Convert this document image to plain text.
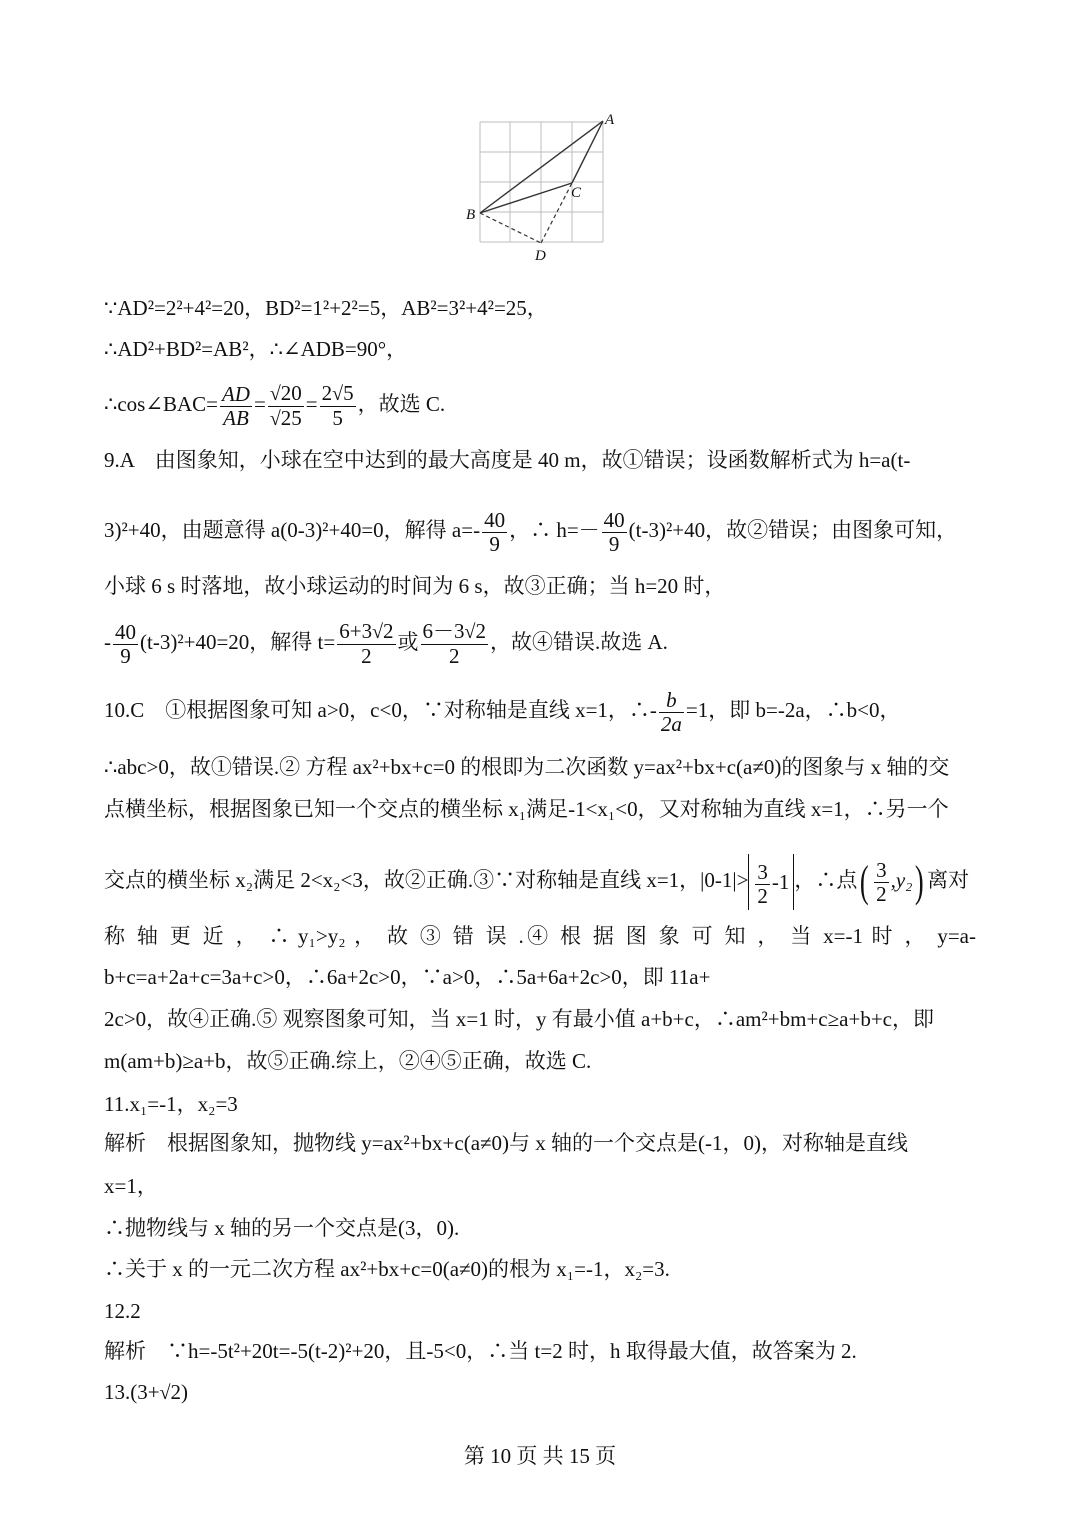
A
B
C
D
∵AD²=2²+4²=20，BD²=1²+2²=5，AB²=3²+4²=25，
∴AD²+BD²=AB²，∴∠ADB=90°，
∴cos∠BAC= $\frac{AD}{AB}$ = √ 20
√ $25 = \frac{2 √ 5}{5}$ ，故选 C.
9.A　由图象知，小球在空中达到的最大高度是 40 m，故①错误；设函数解析式为 h=a(t-
3)²+40，由题意得 a(0-3)²+40=0，解得 $a=- \frac{40}{9}$ ，∴ $h=- \frac{40}{9} (t-3)^2+40$，故②错误；由图象可知，
小球 6 s 时落地，故小球运动的时间为 6 s，故③正确；当 h=20 时，
- $\frac{40}{9} (t-3)^2+40=20$，解得 $t= \frac{6+3 √ 2}{2}$ 或 $\frac{6-3 √ 2}{2}$ ，故④错误.故选 A.
10.C　①根据图象可知 a>0，c<0，∵对称轴是直线 x=1，∴- $\frac{b}{2a} =1$，即 b=-2a，∴b<0，
∴abc>0，故①错误.② 方程 ax²+bx+c=0 的根即为二次函数 y=ax²+bx+c(a≠0)的图象与 x 轴的交
点横坐标，根据图象已知一个交点的横坐标 x₁满足-1<x₁<0，又对称轴为直线 x=1，∴另一个
交点的横坐标 x₂满足 2<x₂<3，故②正确.③∵对称轴是直线 x=1，$|0-1|> \frac{3}{2} -1$ ，∴点( $\frac{3}{2} ,y_2$) 离对
称 轴 更 近 ， ∴ y₁>y₂ ， 故 ③ 错 误 .④ 根 据 图 象 可 知 ， 当 x=-1 时 ， y=a-
b+c=a+2a+c=3a+c>0，∴6a+2c>0，∵a>0，∴5a+6a+2c>0，即 11a+
2c>0，故④正确.⑤ 观察图象可知，当 x=1 时，y 有最小值 a+b+c，∴am²+bm+c≥a+b+c，即
m(am+b)≥a+b，故⑤正确.综上，②④⑤正确，故选 C.
11.x₁=-1，x₂=3
解析　根据图象知，抛物线 y=ax²+bx+c(a≠0)与 x 轴的一个交点是(-1，0)，对称轴是直线
x=1，
∴抛物线与 x 轴的另一个交点是(3，0).
∴关于 x 的一元二次方程 ax²+bx+c=0(a≠0)的根为 x₁=-1，x₂=3.
12.2
解析　∵h=-5t²+20t=-5(t-2)²+20，且-5<0，∴当 t=2 时，h 取得最大值，故答案为 2.
13.(3+ √ 2)
第 10 页 共 15 页
